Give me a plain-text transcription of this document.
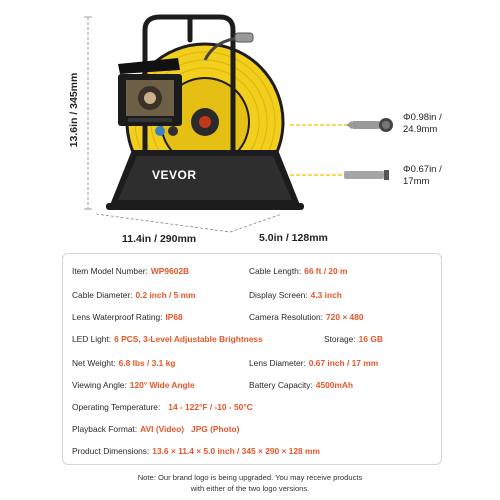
VEVOR
13.6in / 345mm
11.4in / 290mm	5.0in / 128mm
Φ0.98in /
24.9mm
Φ0.67in /
17mm
Item Model Number: WP9602B	Cable Length: 66 ft / 20 m
Cable Diameter: 0.2 inch / 5 mm	Display Screen: 4.3 inch
Lens Waterproof Rating: IP68	Camera Resolution: 720 × 480
LED Light: 6 PCS, 3-Level Adjustable Brightness	Storage: 16 GB
Net Weight: 6.8 lbs / 3.1 kg	Lens Diameter: 0.67 inch / 17 mm
Viewing Angle: 120° Wide Angle	Battery Capacity: 4500mAh
Operating Temperature: 14 - 122°F / -10 - 50°C
Playback Format: AVI (Video)   JPG (Photo)
Product Dimensions: 13.6 × 11.4 × 5.0 inch / 345 × 290 × 128 mm
Note: Our brand logo is being upgraded. You may receive products
with either of the two logo versions.
